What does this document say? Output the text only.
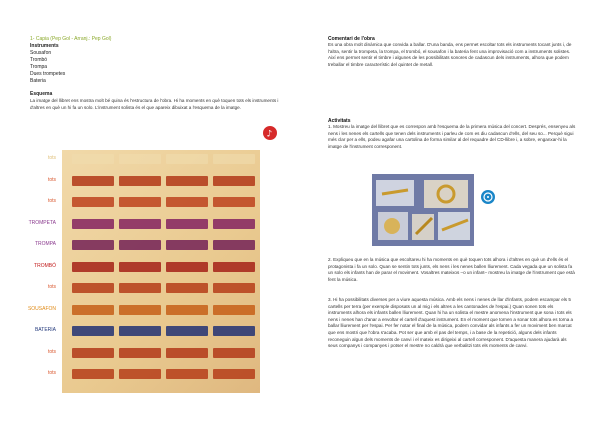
1- Capia (Pep Gol - Arranj.: Pep Gol)
Instruments
Sousafon
Trombó
Trompa
Dues trompetes
Bateria
Esquema

La imatge del llibret ens mostra molt bé quina és l'estructura de l'obra. Hi ha moments en què toquen tots els instruments i d'altres en què un hi fa un solo. L'instrument solista és el que apareix dibuixat a l'esquema de la imatge.

♪
tots
tots
tots
TROMPETA
TROMPA
TROMBÓ
tots
SOUSAFON
BATERIA
tots
tots

Comentari de l'obra

Es una obra molt dinàmica que convida a ballar. D'una banda, ens permet escoltar tots els instruments tocant junts i, de l'altra, sentir la trompeta, la trompa, el trombó, el sousafon i la bateria fent una improvisació com a instruments solistes. Així ens permet sentir el timbre i algunes de les possibilitats sonores de cadascun dels instruments, alhora que podem treballar el timbre característic del quintet de metall.

Activitats

1. Mostreu la imatge del llibret que es correspon amb l'esquema de la primera música del concert. Després, ensenyeu als nens i les nenes els cartells que tenen dels instruments i parleu de com es diu cadascun d'ells, del seu so... Perquè sigui més clar per a ells, podeu agafar una cartolina de forma similar al del requadre del CD-llibre i, a sobre, enganxar-hi la imatge de l'instrument corresponent.

2. Expliqueu que en la música que escoltareu hi ha moments en què toquen tots alhora i d'altres en què un d'ells és el protagonista i fa un solo. Quan se sentin tots junts, els nens i les nenes ballen lliurement. Cada vegada que un solista fa un solo els infants han de parar el moviment. Vosaltres mateixos –o un infant– mostreu la imatge de l'instrument que està fent la música.

3. Hi ha possibilitats diverses per a viure aquesta música. Amb els nens i nenes de llar d'infants, podem escampar els 5 cartells per terra (per exemple disposats un al mig i els altres a les cantonades de l'espai.) Quan sonen tots els instruments alhora els infants ballen lliurement. Quan hi ha un solista el mestre anomena l'instrument que sona i tots els nens i nenes han d'anar a envoltar el cartell d'aquest instrument. En el moment que tornen a sonar tots alhora es torna a ballar lliurement per l'espai. Per fer notar el final de la música, podem convidar als infants a fer un moviment ben marcat que ens mostri que l'obra s'acaba. Pot ser que amb el pas del temps, i a base de la repetició, alguns dels infants reconeguin algun dels moments de canvi i el mateix es dirigeixi al cartell corresponent. D'aquesta manera ajudarà als seus companys i companyes i potser el mestre no caldrà que verbalitzi tots els moments de canvi.
